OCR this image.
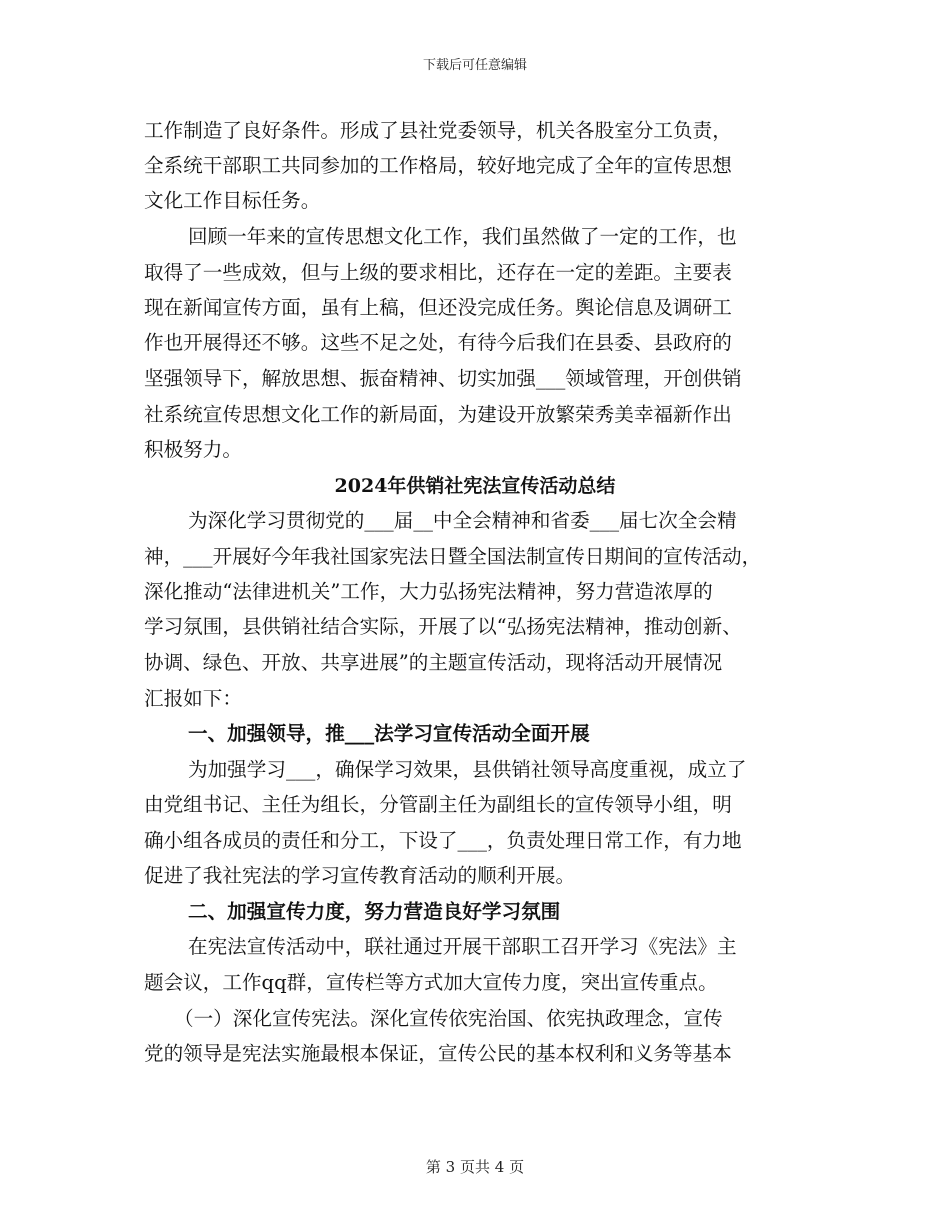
下载后可任意编辑
工作制造了良好条件。形成了县社党委领导，机关各股室分工负责，
全系统干部职工共同参加的工作格局，较好地完成了全年的宣传思想
文化工作目标任务。
回顾一年来的宣传思想文化工作，我们虽然做了一定的工作，也
取得了一些成效，但与上级的要求相比，还存在一定的差距。主要表
现在新闻宣传方面，虽有上稿，但还没完成任务。舆论信息及调研工
作也开展得还不够。这些不足之处，有待今后我们在县委、县政府的
坚强领导下，解放思想、振奋精神、切实加强___领域管理，开创供销
社系统宣传思想文化工作的新局面，为建设开放繁荣秀美幸福新作出
积极努力。
2024年供销社宪法宣传活动总结
为深化学习贯彻党的___届__中全会精神和省委___届七次全会精
神，___开展好今年我社国家宪法日暨全国法制宣传日期间的宣传活动，
深化推动“法律进机关”工作，大力弘扬宪法精神，努力营造浓厚的
学习氛围，县供销社结合实际，开展了以“弘扬宪法精神，推动创新、
协调、绿色、开放、共享进展”的主题宣传活动，现将活动开展情况
汇报如下：
一、加强领导，推___法学习宣传活动全面开展
为加强学习___，确保学习效果，县供销社领导高度重视，成立了
由党组书记、主任为组长，分管副主任为副组长的宣传领导小组，明
确小组各成员的责任和分工，下设了___，负责处理日常工作，有力地
促进了我社宪法的学习宣传教育活动的顺利开展。
二、加强宣传力度，努力营造良好学习氛围
在宪法宣传活动中，联社通过开展干部职工召开学习《宪法》主
题会议，工作qq群，宣传栏等方式加大宣传力度，突出宣传重点。
（一）深化宣传宪法。深化宣传依宪治国、依宪执政理念，宣传
党的领导是宪法实施最根本保证，宣传公民的基本权利和义务等基本
第 3 页共 4 页
